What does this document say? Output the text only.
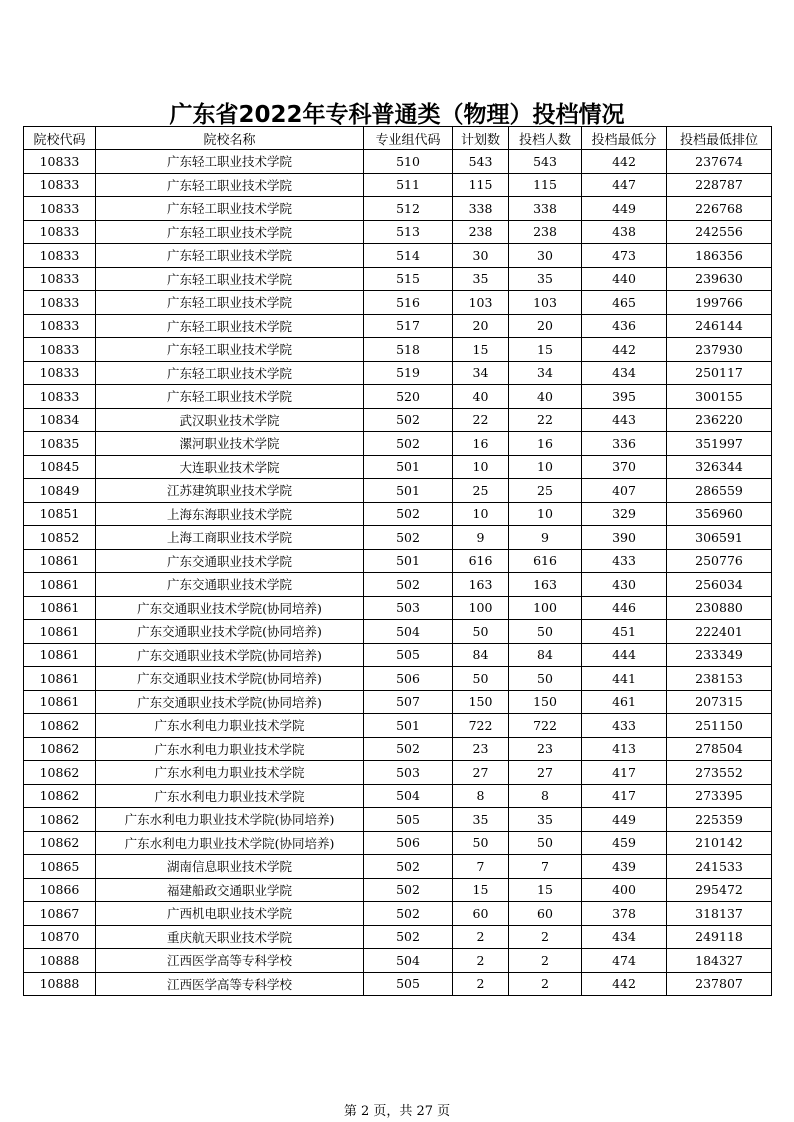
广东省2022年专科普通类（物理）投档情况
院校代码	院校名称	专业组代码	计划数	投档人数	投档最低分	投档最低排位
10833	广东轻工职业技术学院	510	543	543	442	237674
10833	广东轻工职业技术学院	511	115	115	447	228787
10833	广东轻工职业技术学院	512	338	338	449	226768
10833	广东轻工职业技术学院	513	238	238	438	242556
10833	广东轻工职业技术学院	514	30	30	473	186356
10833	广东轻工职业技术学院	515	35	35	440	239630
10833	广东轻工职业技术学院	516	103	103	465	199766
10833	广东轻工职业技术学院	517	20	20	436	246144
10833	广东轻工职业技术学院	518	15	15	442	237930
10833	广东轻工职业技术学院	519	34	34	434	250117
10833	广东轻工职业技术学院	520	40	40	395	300155
10834	武汉职业技术学院	502	22	22	443	236220
10835	漯河职业技术学院	502	16	16	336	351997
10845	大连职业技术学院	501	10	10	370	326344
10849	江苏建筑职业技术学院	501	25	25	407	286559
10851	上海东海职业技术学院	502	10	10	329	356960
10852	上海工商职业技术学院	502	9	9	390	306591
10861	广东交通职业技术学院	501	616	616	433	250776
10861	广东交通职业技术学院	502	163	163	430	256034
10861	广东交通职业技术学院(协同培养)	503	100	100	446	230880
10861	广东交通职业技术学院(协同培养)	504	50	50	451	222401
10861	广东交通职业技术学院(协同培养)	505	84	84	444	233349
10861	广东交通职业技术学院(协同培养)	506	50	50	441	238153
10861	广东交通职业技术学院(协同培养)	507	150	150	461	207315
10862	广东水利电力职业技术学院	501	722	722	433	251150
10862	广东水利电力职业技术学院	502	23	23	413	278504
10862	广东水利电力职业技术学院	503	27	27	417	273552
10862	广东水利电力职业技术学院	504	8	8	417	273395
10862	广东水利电力职业技术学院(协同培养)	505	35	35	449	225359
10862	广东水利电力职业技术学院(协同培养)	506	50	50	459	210142
10865	湖南信息职业技术学院	502	7	7	439	241533
10866	福建船政交通职业学院	502	15	15	400	295472
10867	广西机电职业技术学院	502	60	60	378	318137
10870	重庆航天职业技术学院	502	2	2	434	249118
10888	江西医学高等专科学校	504	2	2	474	184327
10888	江西医学高等专科学校	505	2	2	442	237807
第 2 页，共 27 页
